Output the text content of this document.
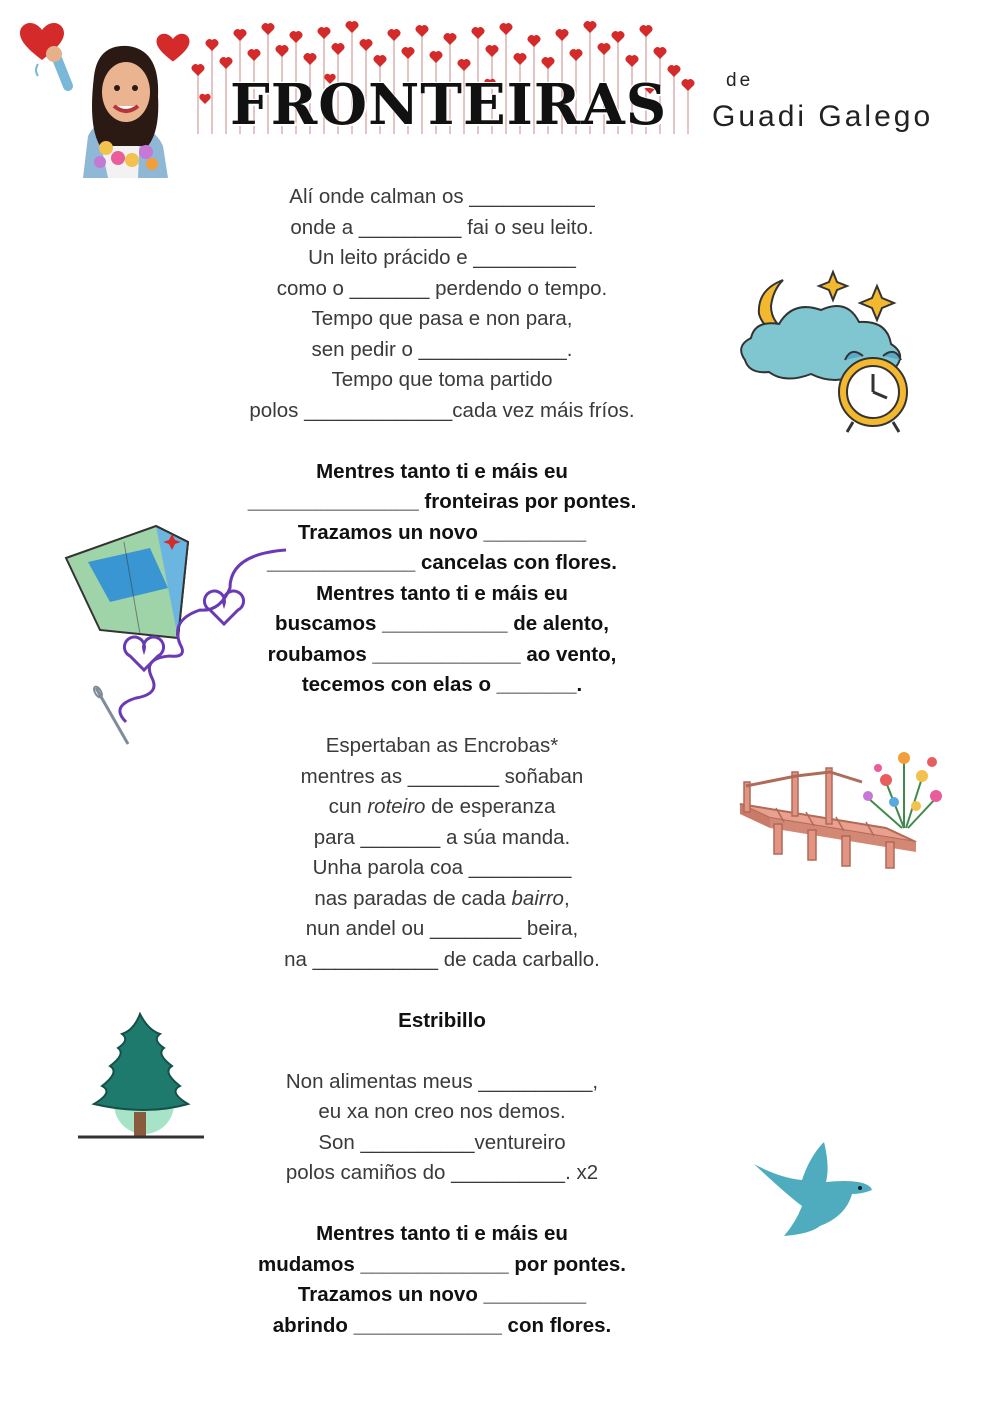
FRONTEIRAS	de
Guadi Galego
Alí onde calman os ___________
onde a _________ fai o seu leito.
Un leito prácido e _________
como o _______ perdendo o tempo.
Tempo que pasa e non para,
sen pedir o _____________.
Tempo que toma partido
polos _____________cada vez máis fríos.
Mentres tanto ti e máis eu
_______________ fronteiras por pontes.
Trazamos un novo _________
_____________ cancelas con flores.
Mentres tanto ti e máis eu
buscamos ___________ de alento,
roubamos _____________ ao vento,
tecemos con elas o _______.
Espertaban as Encrobas*
mentres as ________ soñaban
cun roteiro de esperanza
para _______ a súa manda.
Unha parola coa _________
nas paradas de cada bairro,
nun andel ou ________ beira,
na ___________ de cada carballo.
Estribillo
Non alimentas meus __________,
eu xa non creo nos demos.
Son __________ventureiro
polos camiños do __________. x2
Mentres tanto ti e máis eu
mudamos _____________ por pontes.
Trazamos un novo _________
abrindo _____________ con flores.
